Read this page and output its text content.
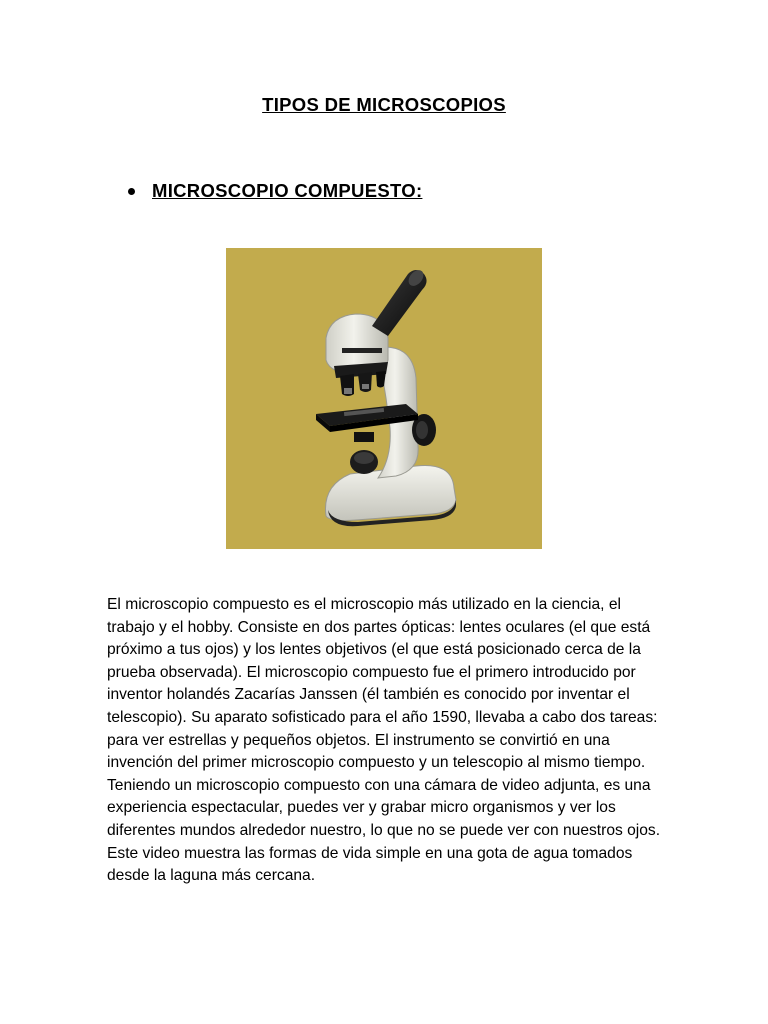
TIPOS DE MICROSCOPIOS
MICROSCOPIO COMPUESTO:

El microscopio compuesto es el microscopio más utilizado en la ciencia, el trabajo y el hobby. Consiste en dos partes ópticas: lentes oculares (el que está próximo a tus ojos) y los lentes objetivos (el que está posicionado cerca de la prueba observada). El microscopio compuesto fue el primero introducido por inventor holandés Zacarías Janssen (él también es conocido por inventar el telescopio). Su aparato sofisticado para el año 1590, llevaba a cabo dos tareas: para ver estrellas y pequeños objetos. El instrumento se convirtió en una invención del primer microscopio compuesto y un telescopio al mismo tiempo. Teniendo un microscopio compuesto con una cámara de video adjunta, es una experiencia espectacular, puedes ver y grabar micro organismos y ver los diferentes mundos alrededor nuestro, lo que no se puede ver con nuestros ojos. Este video muestra las formas de vida simple en una gota de agua tomados desde la laguna más cercana.
